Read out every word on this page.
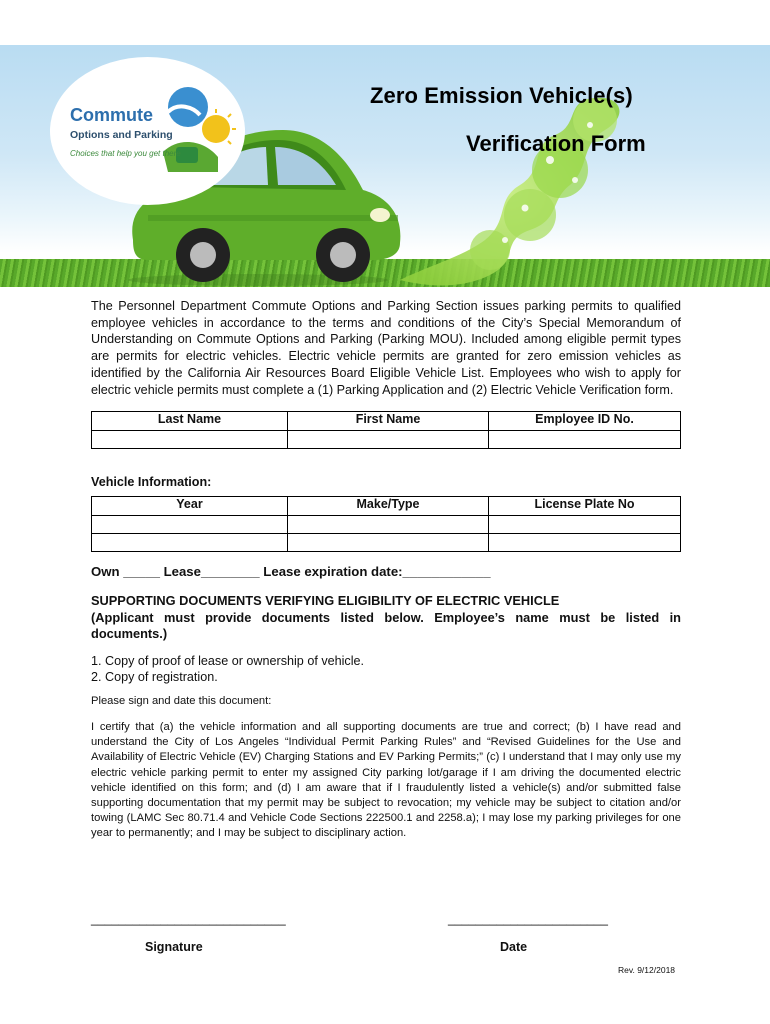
Commute
Options and Parking
Choices that help you get there
Zero Emission Vehicle(s)
Verification Form

The Personnel Department Commute Options and Parking Section issues parking permits to qualified employee vehicles in accordance to the terms and conditions of the City’s Special Memorandum of Understanding on Commute Options and Parking (Parking MOU). Included among eligible permit types are permits for electric vehicles. Electric vehicle permits are granted for zero emission vehicles as identified by the California Air Resources Board Eligible Vehicle List. Employees who wish to apply for electric vehicle permits must complete a (1) Parking Application and (2) Electric Vehicle Verification form.

Last Name	First Name	Employee ID No.

Vehicle Information:

Year	Make/Type	License Plate No

Own _____ Lease________ Lease expiration date:____________

SUPPORTING DOCUMENTS VERIFYING ELIGIBILITY OF ELECTRIC VEHICLE

(Applicant must provide documents listed below. Employee’s name must be listed in documents.)

1. Copy of proof of lease or ownership of vehicle.

2. Copy of registration.

Please sign and date this document:

I certify that (a) the vehicle information and all supporting documents are true and correct; (b) I have read and understand the City of Los Angeles “Individual Permit Parking Rules” and “Revised Guidelines for the Use and Availability of Electric Vehicle (EV) Charging Stations and EV Parking Permits;” (c) I understand that I may only use my electric vehicle parking permit to enter my assigned City parking lot/garage if I am driving the documented electric vehicle identified on this form; and (d) I am aware that if I fraudulently listed a vehicle(s) and/or submitted false supporting documentation that my permit may be subject to revocation; my vehicle may be subject to citation and/or towing (LAMC Sec 80.71.4 and Vehicle Code Sections 222500.1 and 2258.a); I may lose my parking privileges for one year to permanently; and I may be subject to disciplinary action.

____________________________	_______________________
Signature	Date
Rev. 9/12/2018
